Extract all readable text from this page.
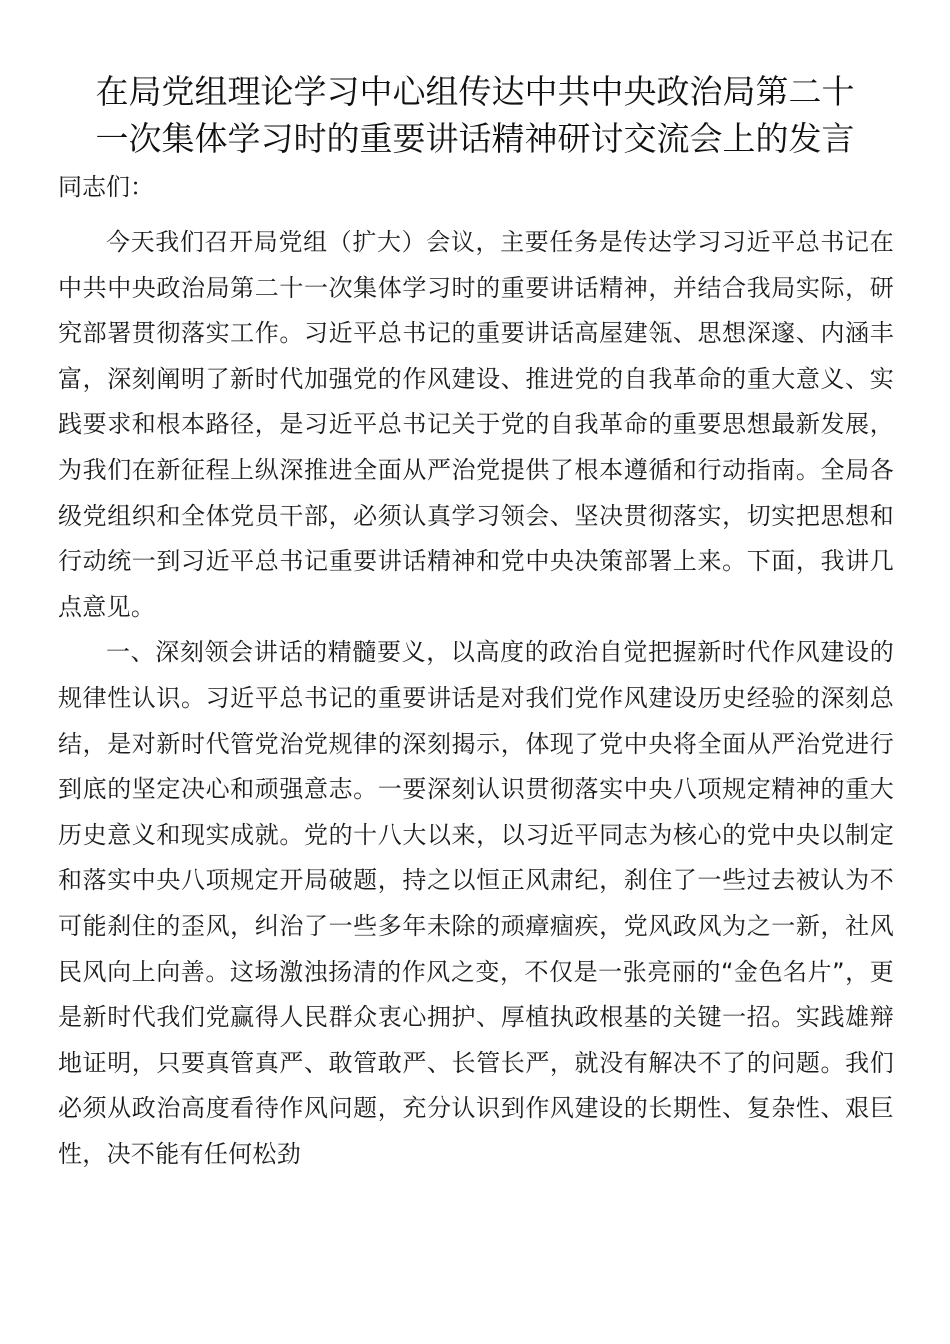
在局党组理论学习中心组传达中共中央政治局第二十
一次集体学习时的重要讲话精神研讨交流会上的发言
同志们：

今天我们召开局党组（扩大）会议，主要任务是传达学习习近平总书记在中共中央政治局第二十一次集体学习时的重要讲话精神，并结合我局实际，研究部署贯彻落实工作。习近平总书记的重要讲话高屋建瓴、思想深邃、内涵丰富，深刻阐明了新时代加强党的作风建设、推进党的自我革命的重大意义、实践要求和根本路径，是习近平总书记关于党的自我革命的重要思想最新发展，为我们在新征程上纵深推进全面从严治党提供了根本遵循和行动指南。全局各级党组织和全体党员干部，必须认真学习领会、坚决贯彻落实，切实把思想和行动统一到习近平总书记重要讲话精神和党中央决策部署上来。下面，我讲几点意见。

一、深刻领会讲话的精髓要义，以高度的政治自觉把握新时代作风建设的规律性认识。习近平总书记的重要讲话是对我们党作风建设历史经验的深刻总结，是对新时代管党治党规律的深刻揭示，体现了党中央将全面从严治党进行到底的坚定决心和顽强意志。一要深刻认识贯彻落实中央八项规定精神的重大历史意义和现实成就。党的十八大以来，以习近平同志为核心的党中央以制定和落实中央八项规定开局破题，持之以恒正风肃纪，刹住了一些过去被认为不可能刹住的歪风，纠治了一些多年未除的顽瘴痼疾，党风政风为之一新，社风民风向上向善。这场激浊扬清的作风之变，不仅是一张亮丽的“金色名片”，更是新时代我们党赢得人民群众衷心拥护、厚植执政根基的关键一招。实践雄辩地证明，只要真管真严、敢管敢严、长管长严，就没有解决不了的问题。我们必须从政治高度看待作风问题，充分认识到作风建设的长期性、复杂性、艰巨性，决不能有任何松劲
